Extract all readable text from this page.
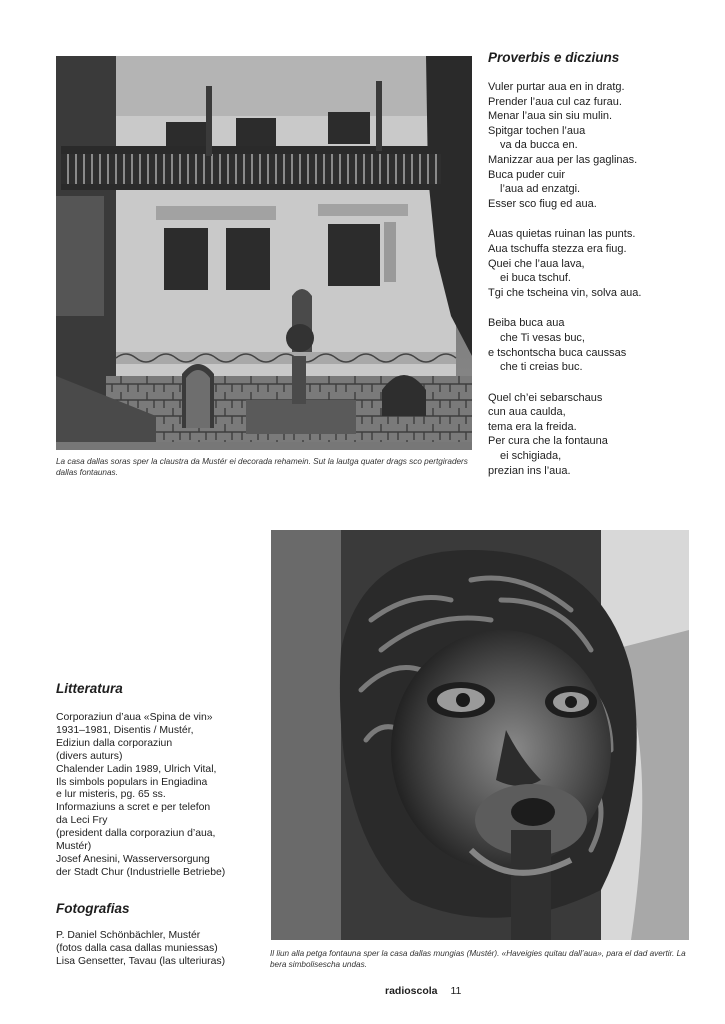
La casa dallas soras sper la claustra da Mustér ei decorada rehamein. Sut la lautga quater drags sco pertgiraders dallas fontaunas.
Proverbis e dicziuns
Vuler purtar aua en in dratg.
Prender l’aua cul caz furau.
Menar l’aua sin siu mulin.
Spitgar tochen l’aua
va da bucca en.
Manizzar aua per las gaglinas.
Buca puder cuir
l’aua ad enzatgi.
Esser sco fiug ed aua.
Auas quietas ruinan las punts.
Aua tschuffa stezza era fiug.
Quei che l’aua lava,
ei buca tschuf.
Tgi che tscheina vin, solva aua.
Beiba buca aua
che Ti vesas buc,
e tschontscha buca caussas
che ti creias buc.
Quel ch’ei sebarschaus
cun aua caulda,
tema era la freida.
Per cura che la fontauna
ei schigiada,
prezian ins l’aua.
Il liun alla petga fontauna sper la casa dallas mungias (Mustér). «Haveigies quitau dall’aua», para el dad avertir. La bera simbolisescha undas.
Litteratura
Corporaziun d’aua «Spina de vin»
1931–1981, Disentis / Mustér,
Ediziun dalla corporaziun
(divers auturs)
Chalender Ladin 1989, Ulrich Vital,
Ils simbols populars in Engiadina
e lur misteris, pg. 65 ss.
Informaziuns a scret e per telefon
da Leci Fry
(president dalla corporaziun d’aua,
Mustér)
Josef Anesini, Wasserversorgung
der Stadt Chur (Industrielle Betriebe)
Fotografias
P. Daniel Schönbächler, Mustér
(fotos dalla casa dallas muniessas)
Lisa Gensetter, Tavau (las ulteriuras)
radioscola 11
